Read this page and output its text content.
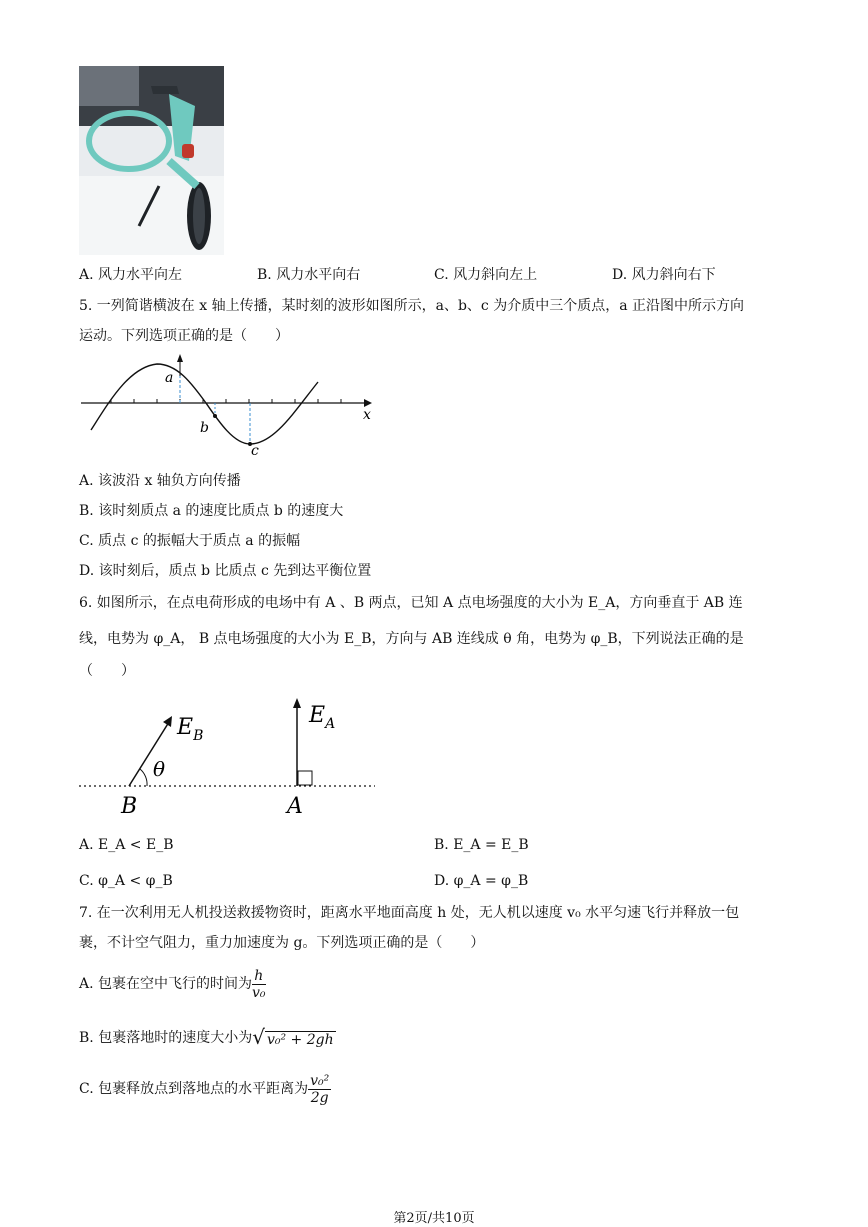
A. 风力水平向左	B. 风力水平向右	C. 风力斜向左上	D. 风力斜向右下
5. 一列简谐横波在 x 轴上传播，某时刻的波形如图所示，a、b、c 为介质中三个质点，a 正沿图中所示方向
运动。下列选项正确的是（　　）
a
b
c
x
A. 该波沿 x 轴负方向传播
B. 该时刻质点 a 的速度比质点 b 的速度大
C. 质点 c 的振幅大于质点 a 的振幅
D. 该时刻后，质点 b 比质点 c 先到达平衡位置
6. 如图所示，在点电荷形成的电场中有 A 、B 两点，已知 A 点电场强度的大小为 E_A，方向垂直于 AB 连
线，电势为 φ_A， B 点电场强度的大小为 E_B，方向与 AB 连线成 θ 角，电势为 φ_B，下列说法正确的是
（　　）
$E_B$
$E_A$
θ
B	A
A. E_A < E_B	B. E_A = E_B
C. φ_A < φ_B	D. φ_A = φ_B
7. 在一次利用无人机投送救援物资时，距离水平地面高度 h 处，无人机以速度 v₀ 水平匀速飞行并释放一包
裹，不计空气阻力，重力加速度为 g。下列选项正确的是（　　）
A. 包裹在空中飞行的时间为 $\frac{h}{\text{v₀}}$
B. 包裹落地时的速度大小为 √ v₀² + 2gh
C. 包裹释放点到落地点的水平距离为 $\frac{\text{v₀²}}{2g}$
第2页/共10页
